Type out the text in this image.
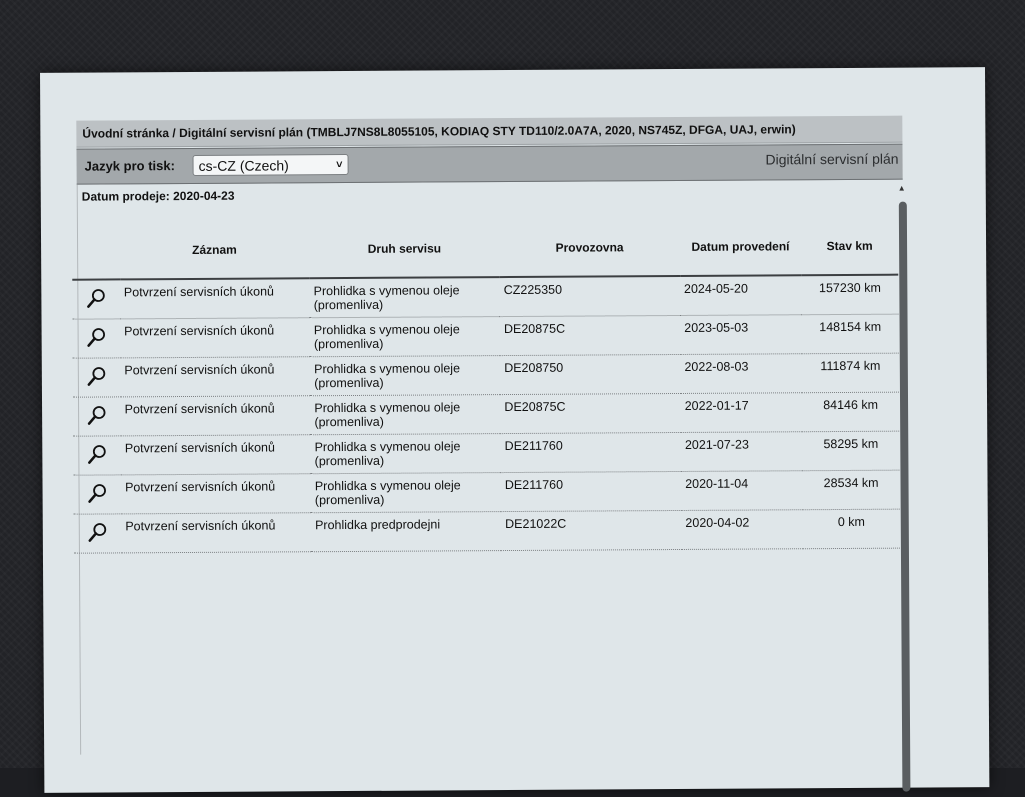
Úvodní stránka / Digitální servisní plán (TMBLJ7NS8L8055105, KODIAQ STY TD110/2.0A7A, 2020, NS745Z, DFGA, UAJ, erwin)
Jazyk pro tisk:	cs-CZ (Czech)	˅	Digitální servisní plán
Datum prodeje: 2020-04-23
▲
	Záznam	Druh servisu	Provozovna	Datum provedení	Stav km
	Potvrzení servisních úkonů	Prohlidka s vymenou oleje
(promenliva)	CZ225350	2024-05-20	157230 km
	Potvrzení servisních úkonů	Prohlidka s vymenou oleje
(promenliva)	DE20875C	2023-05-03	148154 km
	Potvrzení servisních úkonů	Prohlidka s vymenou oleje
(promenliva)	DE208750	2022-08-03	111874 km
	Potvrzení servisních úkonů	Prohlidka s vymenou oleje
(promenliva)	DE20875C	2022-01-17	84146 km
	Potvrzení servisních úkonů	Prohlidka s vymenou oleje
(promenliva)	DE211760	2021-07-23	58295 km
	Potvrzení servisních úkonů	Prohlidka s vymenou oleje
(promenliva)	DE211760	2020-11-04	28534 km
	Potvrzení servisních úkonů	Prohlidka predprodejni	DE21022C	2020-04-02	0 km
